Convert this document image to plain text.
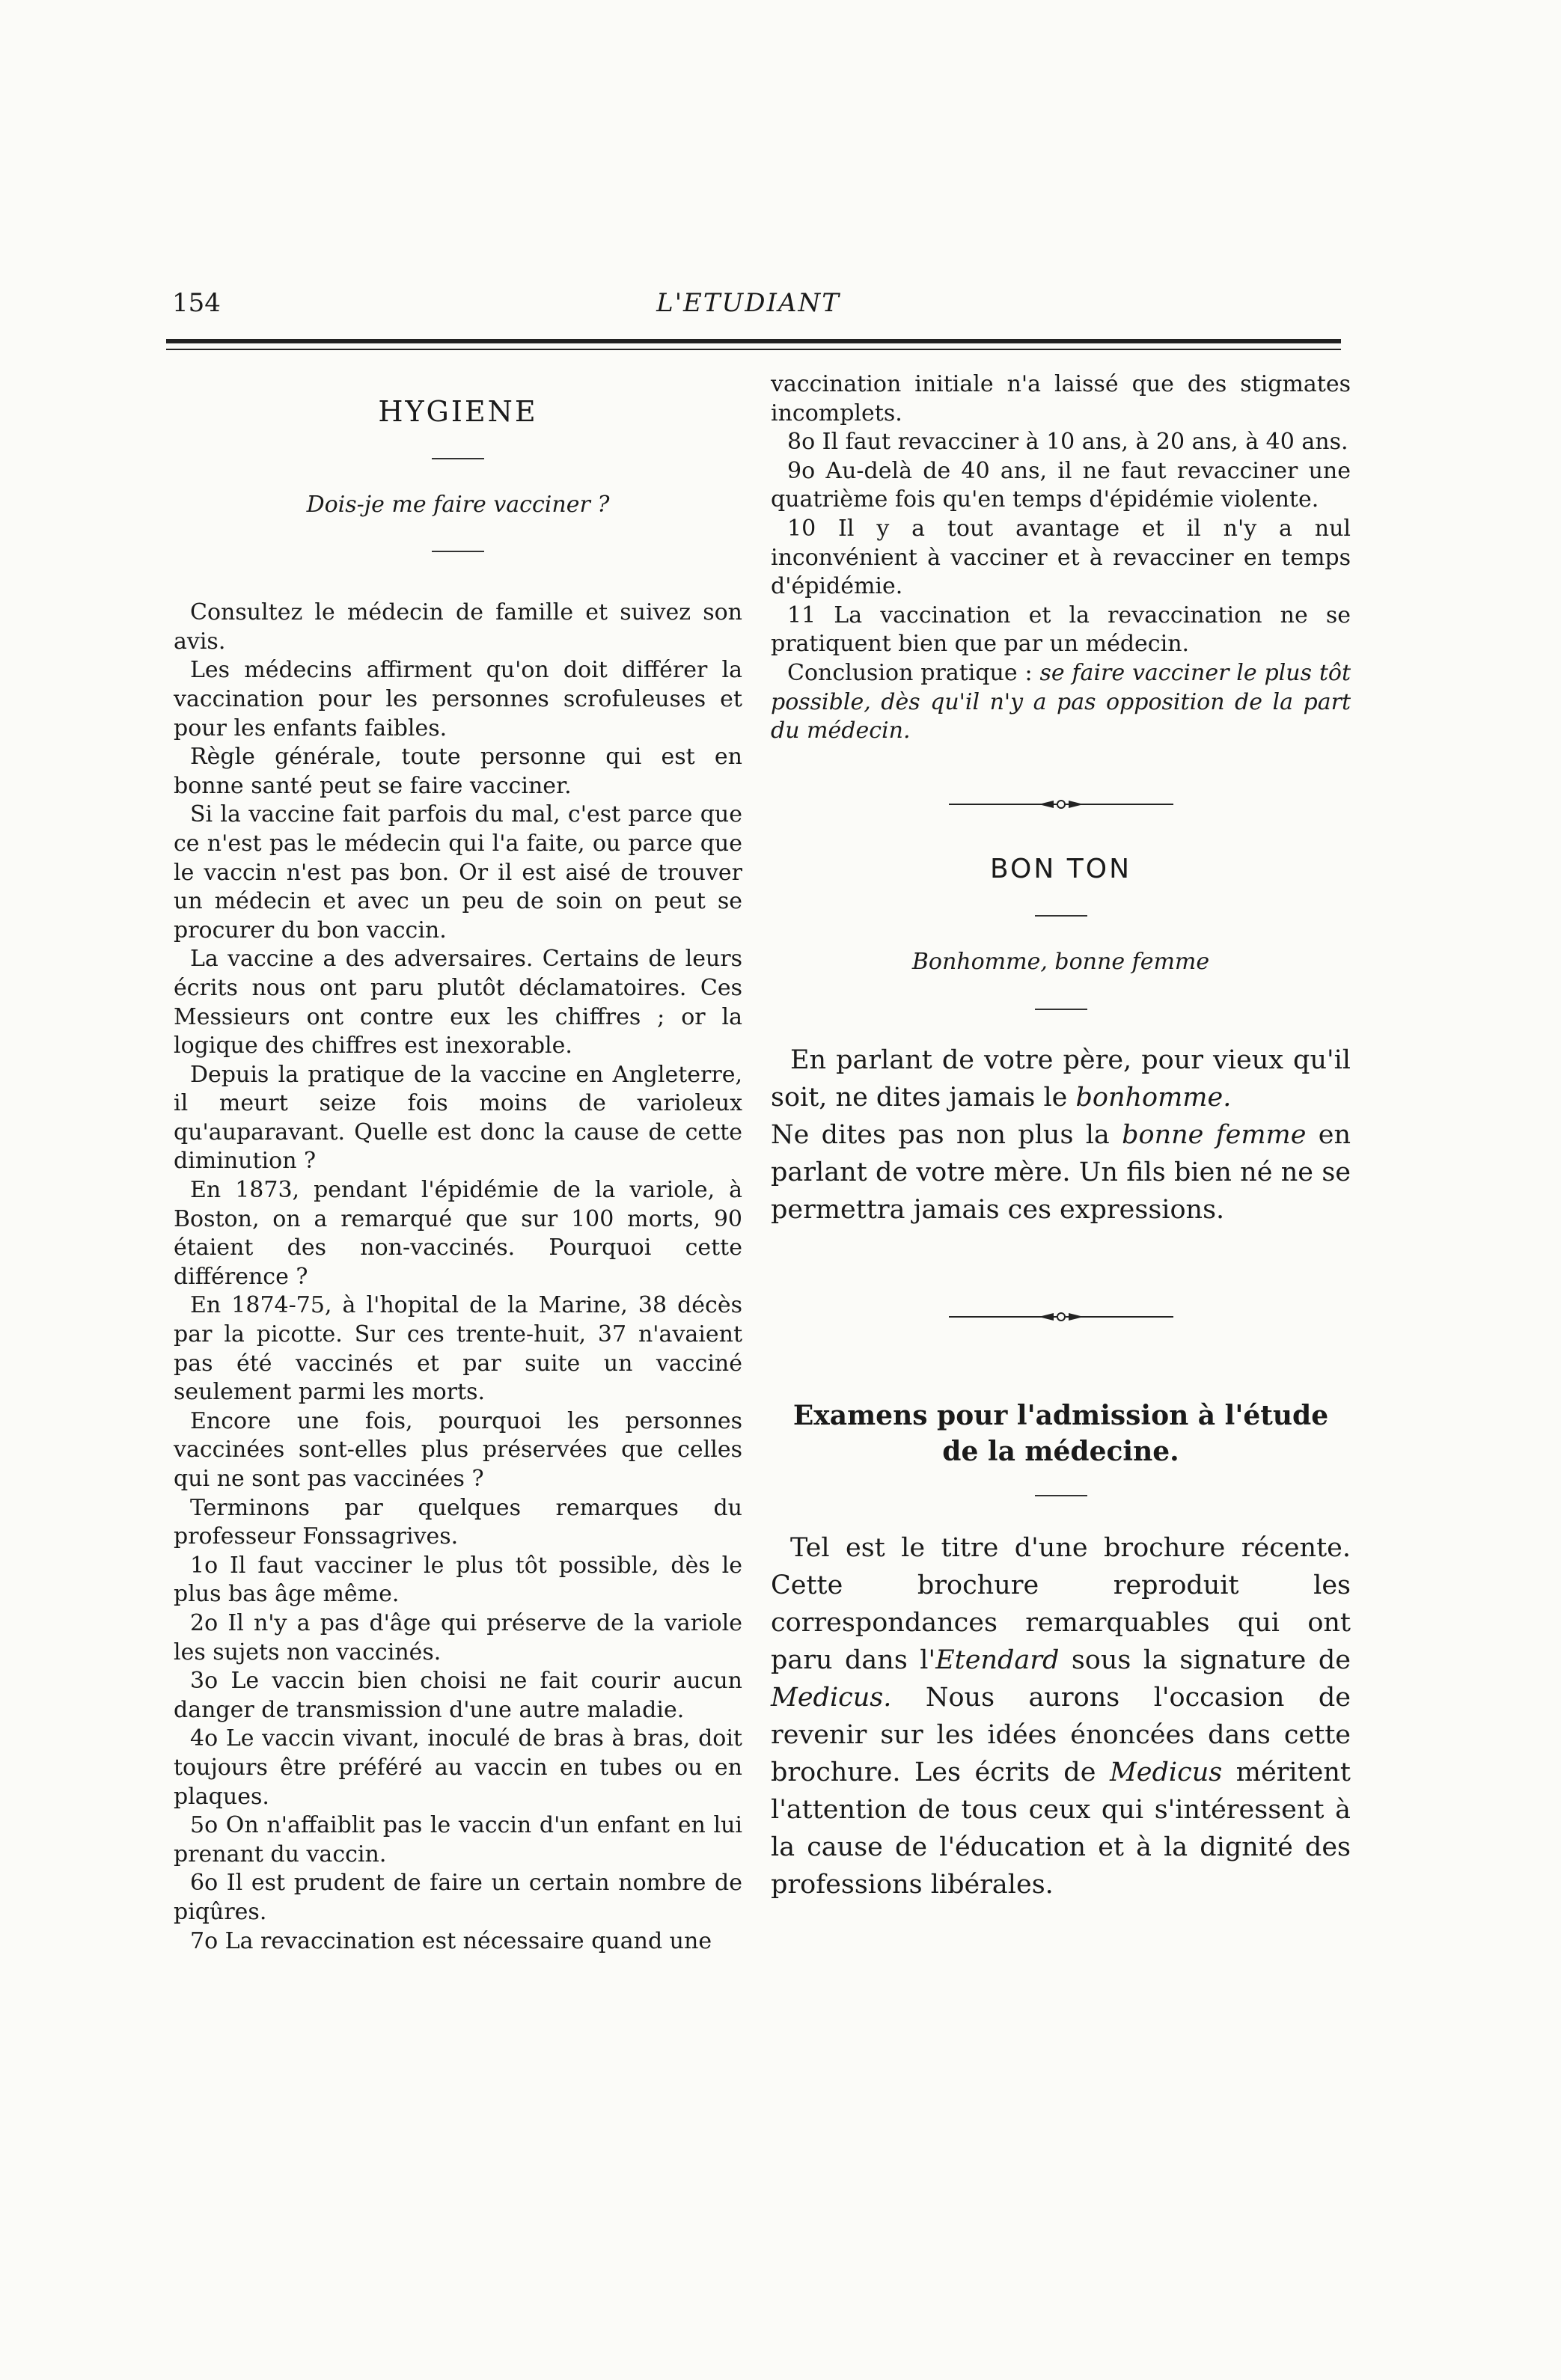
154	L'ETUDIANT

HYGIENE

Dois-je me faire vacciner ?

Consultez le médecin de famille et suivez son avis.

Les médecins affirment qu'on doit différer la vaccination pour les personnes scrofuleuses et pour les enfants faibles.

Règle générale, toute personne qui est en bonne santé peut se faire vacciner.

Si la vaccine fait parfois du mal, c'est parce que ce n'est pas le médecin qui l'a faite, ou parce que le vaccin n'est pas bon. Or il est aisé de trouver un médecin et avec un peu de soin on peut se procurer du bon vaccin.

La vaccine a des adversaires. Certains de leurs écrits nous ont paru plutôt déclamatoires. Ces Messieurs ont contre eux les chiffres ; or la logique des chiffres est inexorable.

Depuis la pratique de la vaccine en Angleterre, il meurt seize fois moins de varioleux qu'auparavant. Quelle est donc la cause de cette diminution ?

En 1873, pendant l'épidémie de la variole, à Boston, on a remarqué que sur 100 morts, 90 étaient des non-vaccinés. Pourquoi cette différence ?

En 1874-75, à l'hopital de la Marine, 38 décès par la picotte. Sur ces trente-huit, 37 n'avaient pas été vaccinés et par suite un vacciné seulement parmi les morts.

Encore une fois, pourquoi les personnes vaccinées sont-elles plus préservées que celles qui ne sont pas vaccinées ?

Terminons par quelques remarques du professeur Fonssagrives.

1o Il faut vacciner le plus tôt possible, dès le plus bas âge même.

2o Il n'y a pas d'âge qui préserve de la variole les sujets non vaccinés.

3o Le vaccin bien choisi ne fait courir aucun danger de transmission d'une autre maladie.

4o Le vaccin vivant, inoculé de bras à bras, doit toujours être préféré au vaccin en tubes ou en plaques.

5o On n'affaiblit pas le vaccin d'un enfant en lui prenant du vaccin.

6o Il est prudent de faire un certain nombre de piqûres.

7o La revaccination est nécessaire quand une

vaccination initiale n'a laissé que des stigmates incomplets.

8o Il faut revacciner à 10 ans, à 20 ans, à 40 ans.

9o Au-delà de 40 ans, il ne faut revacciner une quatrième fois qu'en temps d'épidémie violente.

10 Il y a tout avantage et il n'y a nul inconvénient à vacciner et à revacciner en temps d'épidémie.

11 La vaccination et la revaccination ne se pratiquent bien que par un médecin.

Conclusion pratique : se faire vacciner le plus tôt possible, dès qu'il n'y a pas opposition de la part du médecin.

BON TON

Bonhomme, bonne femme

En parlant de votre père, pour vieux qu'il soit, ne dites jamais le bonhomme.

Ne dites pas non plus la bonne femme en parlant de votre mère. Un fils bien né ne se permettra jamais ces expressions.

Examens pour l'admission à l'étude de la médecine.

Tel est le titre d'une brochure récente. Cette brochure reproduit les correspondances remarquables qui ont paru dans l'Etendard sous la signature de Medicus. Nous aurons l'occasion de revenir sur les idées énoncées dans cette brochure. Les écrits de Medicus méritent l'attention de tous ceux qui s'intéressent à la cause de l'éducation et à la dignité des professions libérales.
